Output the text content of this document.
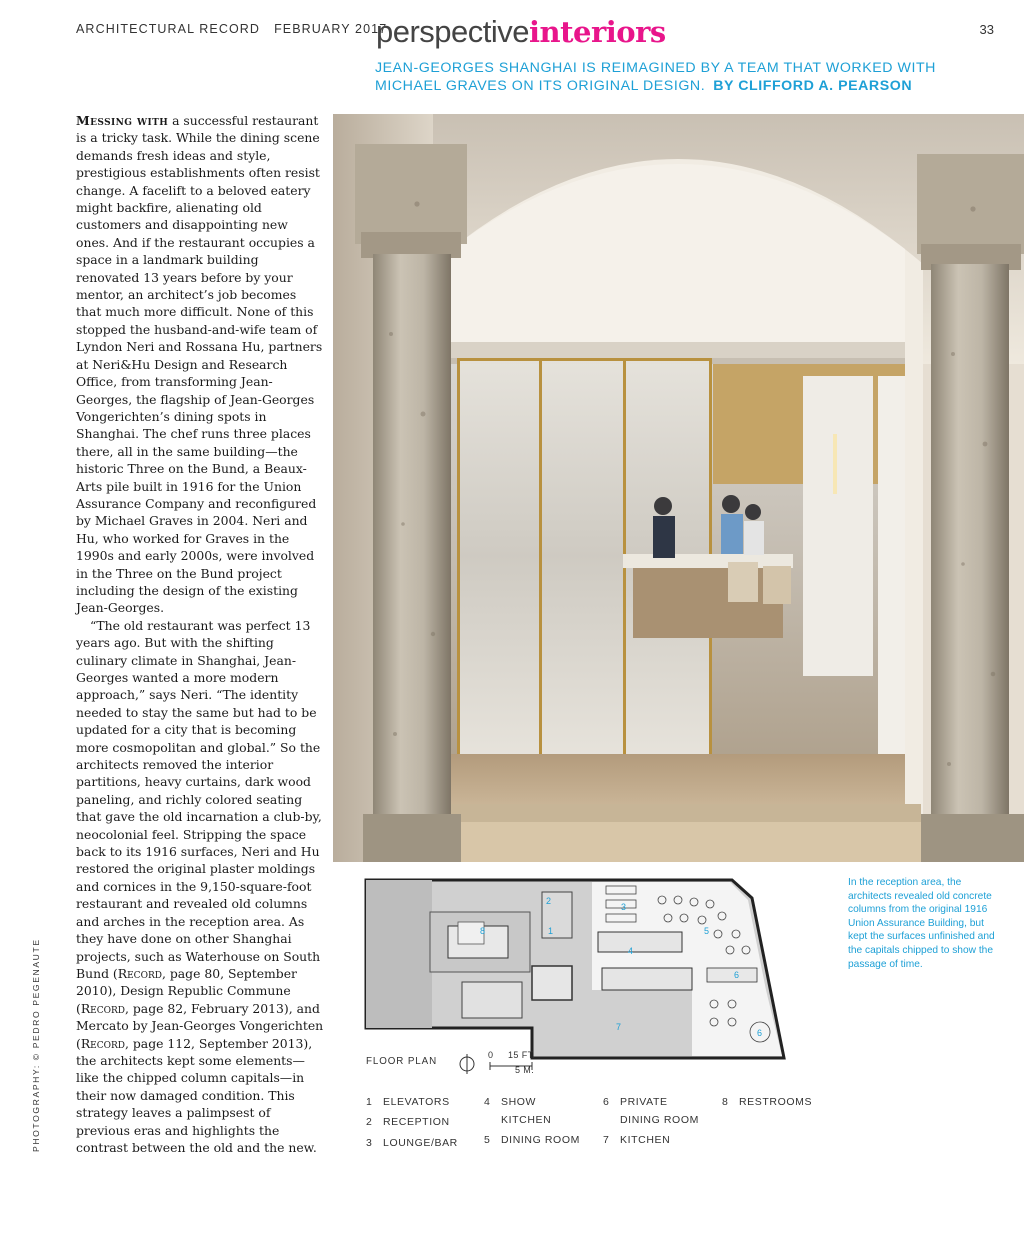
ARCHITECTURAL RECORD FEBRUARY 2017	33
perspectiveinteriors
JEAN-GEORGES SHANGHAI IS REIMAGINED BY A TEAM THAT WORKED WITH
MICHAEL GRAVES ON ITS ORIGINAL DESIGN. BY CLIFFORD A. PEARSON

Messing with a successful restaurant is a tricky task. While the dining scene demands fresh ideas and style, prestigious establishments often resist change. A facelift to a beloved eatery might backfire, alienating old customers and disappointing new ones. And if the restaurant occupies a space in a landmark building renovated 13 years before by your mentor, an architect’s job becomes that much more difficult. None of this stopped the husband-and-wife team of Lyndon Neri and Rossana Hu, partners at Neri&Hu Design and Research Office, from transforming Jean-Georges, the flagship of Jean-Georges Vongerichten’s dining spots in Shanghai. The chef runs three places there, all in the same building—the historic Three on the Bund, a Beaux-Arts pile built in 1916 for the Union Assurance Company and reconfigured by Michael Graves in 2004. Neri and Hu, who worked for Graves in the 1990s and early 2000s, were involved in the Three on the Bund project including the design of the existing Jean-Georges.

“The old restaurant was perfect 13 years ago. But with the shifting culinary climate in Shanghai, Jean-Georges wanted a more modern approach,” says Neri. “The identity needed to stay the same but had to be updated for a city that is becoming more cosmopolitan and global.” So the architects removed the interior partitions, heavy curtains, dark wood paneling, and richly colored seating that gave the old incarnation a club-by, neocolonial feel. Stripping the space back to its 1916 surfaces, Neri and Hu restored the original plaster moldings and cornices in the 9,150-square-foot restaurant and revealed old columns and arches in the reception area. As they have done on other Shanghai projects, such as Waterhouse on South Bund (Record, page 80, September 2010), Design Republic Commune (Record, page 82, February 2013), and Mercato by Jean-Georges Vongerichten (Record, page 112, September 2013), the architects kept some elements—like the chipped column capitals—in their now damaged condition. This strategy leaves a palimpsest of previous eras and highlights the contrast between the old and the new.

PHOTOGRAPHY: © PEDRO PEGENAUTE
In the reception area, the architects revealed old concrete columns from the original 1916 Union Assurance Building, but kept the surfaces unfinished and the capitals chipped to show the passage of time.
1
2
3
4
5
6
6
7
8
FLOOR PLAN
0 15 FT.
5 M.
1	ELEVATORS
2	RECEPTION
3	LOUNGE/BAR
4	SHOW KITCHEN
5	DINING ROOM
6	PRIVATE DINING ROOM
7	KITCHEN
8	RESTROOMS
